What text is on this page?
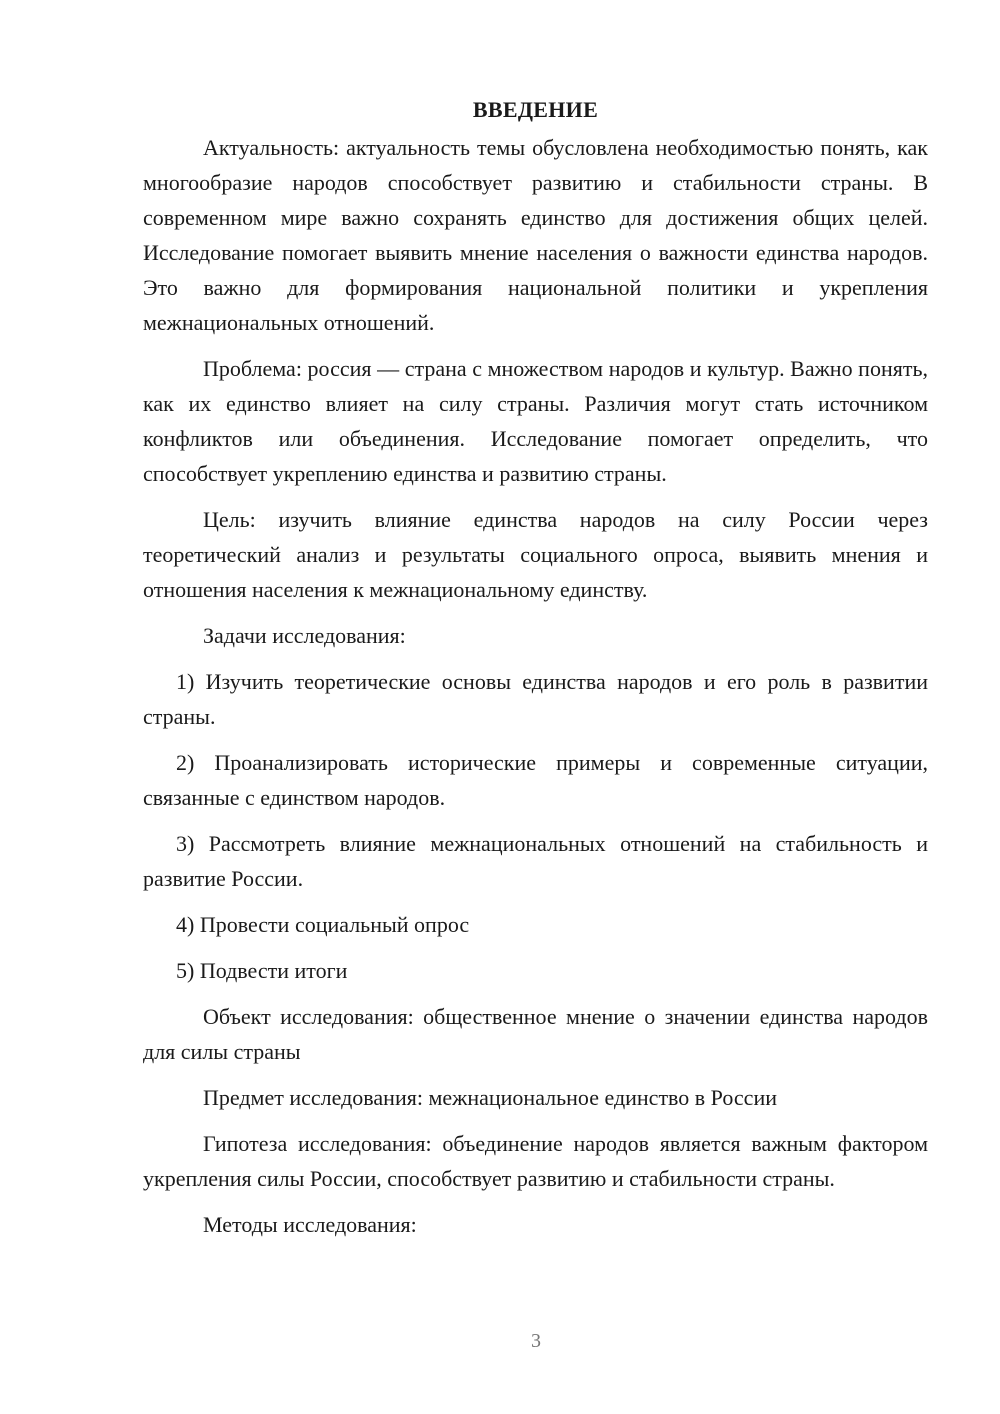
ВВЕДЕНИЕ

Актуальность: актуальность темы обусловлена необходимостью понять, как многообразие народов способствует развитию и стабильности страны. В современном мире важно сохранять единство для достижения общих целей. Исследование помогает выявить мнение населения о важности единства народов. Это важно для формирования национальной политики и укрепления межнациональных отношений.

Проблема: россия — страна с множеством народов и культур. Важно понять, как их единство влияет на силу страны. Различия могут стать источником конфликтов или объединения. Исследование помогает определить, что способствует укреплению единства и развитию страны.

Цель: изучить влияние единства народов на силу России через теоретический анализ и результаты социального опроса, выявить мнения и отношения населения к межнациональному единству.

Задачи исследования:

1) Изучить теоретические основы единства народов и его роль в развитии страны.

2) Проанализировать исторические примеры и современные ситуации, связанные с единством народов.

3) Рассмотреть влияние межнациональных отношений на стабильность и развитие России.

4) Провести социальный опрос

5) Подвести итоги

Объект исследования: общественное мнение о значении единства народов для силы страны

Предмет исследования: межнациональное единство в России

Гипотеза исследования: объединение народов является важным фактором укрепления силы России, способствует развитию и стабильности страны.

Методы исследования:

3
